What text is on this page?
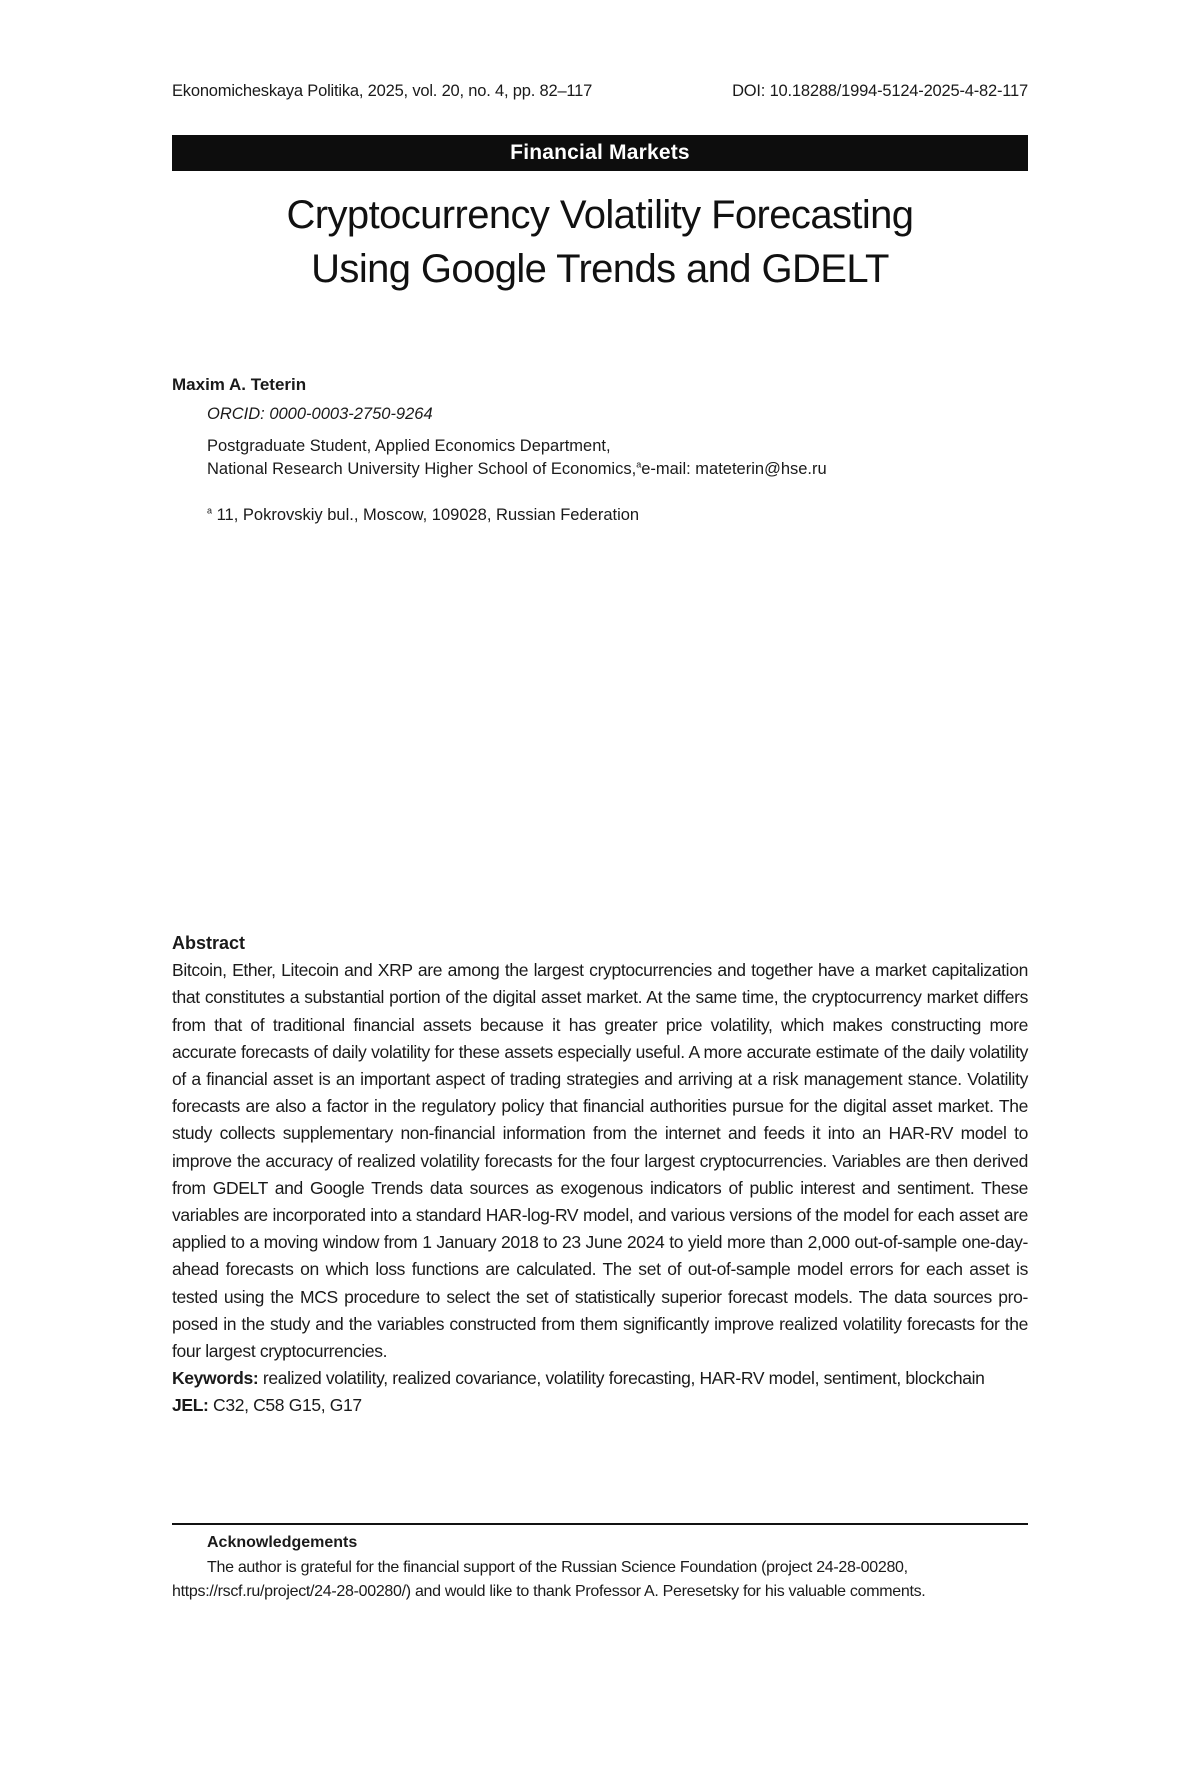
Ekonomicheskaya Politika, 2025, vol. 20, no. 4, pp. 82–117	DOI: 10.18288/1994-5124-2025-4-82-117
Financial Markets
Cryptocurrency Volatility Forecasting
Using Google Trends and GDELT
Maxim A. Teterin
ORCID: 0000-0003-2750-9264
Postgraduate Student, Applied Economics Department,
National Research University Higher School of Economics,ae-mail: mateterin@hse.ru
a 11, Pokrovskiy bul., Moscow, 109028, Russian Federation
Abstract

Bitcoin, Ether, Litecoin and XRP are among the largest cryptocurrencies and together have a market capitalization that constitutes a substantial portion of the digital asset market. At the same time, the cryptocurrency market differs from that of traditional financial assets because it has greater price volatility, which makes constructing more accurate forecasts of daily volatility for these assets especially useful. A more accurate estimate of the daily volatility of a financial asset is an important aspect of trading strategies and arriving at a risk management stance. Volatility forecasts are also a factor in the regulatory policy that financial authorities pursue for the digital asset market. The study collects supplementary non-financial information from the internet and feeds it into an HAR-RV model to improve the accuracy of realized volatility forecasts for the four largest cryptocurrencies. Variables are then derived from GDELT and Google Trends data sources as exogenous indicators of public interest and sentiment. These variables are incorporated into a standard HAR-log-RV model, and various versions of the model for each asset are applied to a moving window from 1 January 2018 to 23 June 2024 to yield more than 2,000 out-of-sample one-day-ahead forecasts on which loss functions are calculated. The set of out-of-sample model errors for each asset is tested using the MCS procedure to select the set of statistically superior forecast models. The data sources pro-posed in the study and the variables constructed from them significantly improve realized volatility forecasts for the four largest cryptocurrencies.

Keywords: realized volatility, realized covariance, volatility forecasting, HAR-RV model, sentiment, blockchain

JEL: C32, C58 G15, G17

Acknowledgements
The author is grateful for the financial support of the Russian Science Foundation (project 24-28-00280,
https://rscf.ru/project/24-28-00280/) and would like to thank Professor A. Peresetsky for his valuable comments.
